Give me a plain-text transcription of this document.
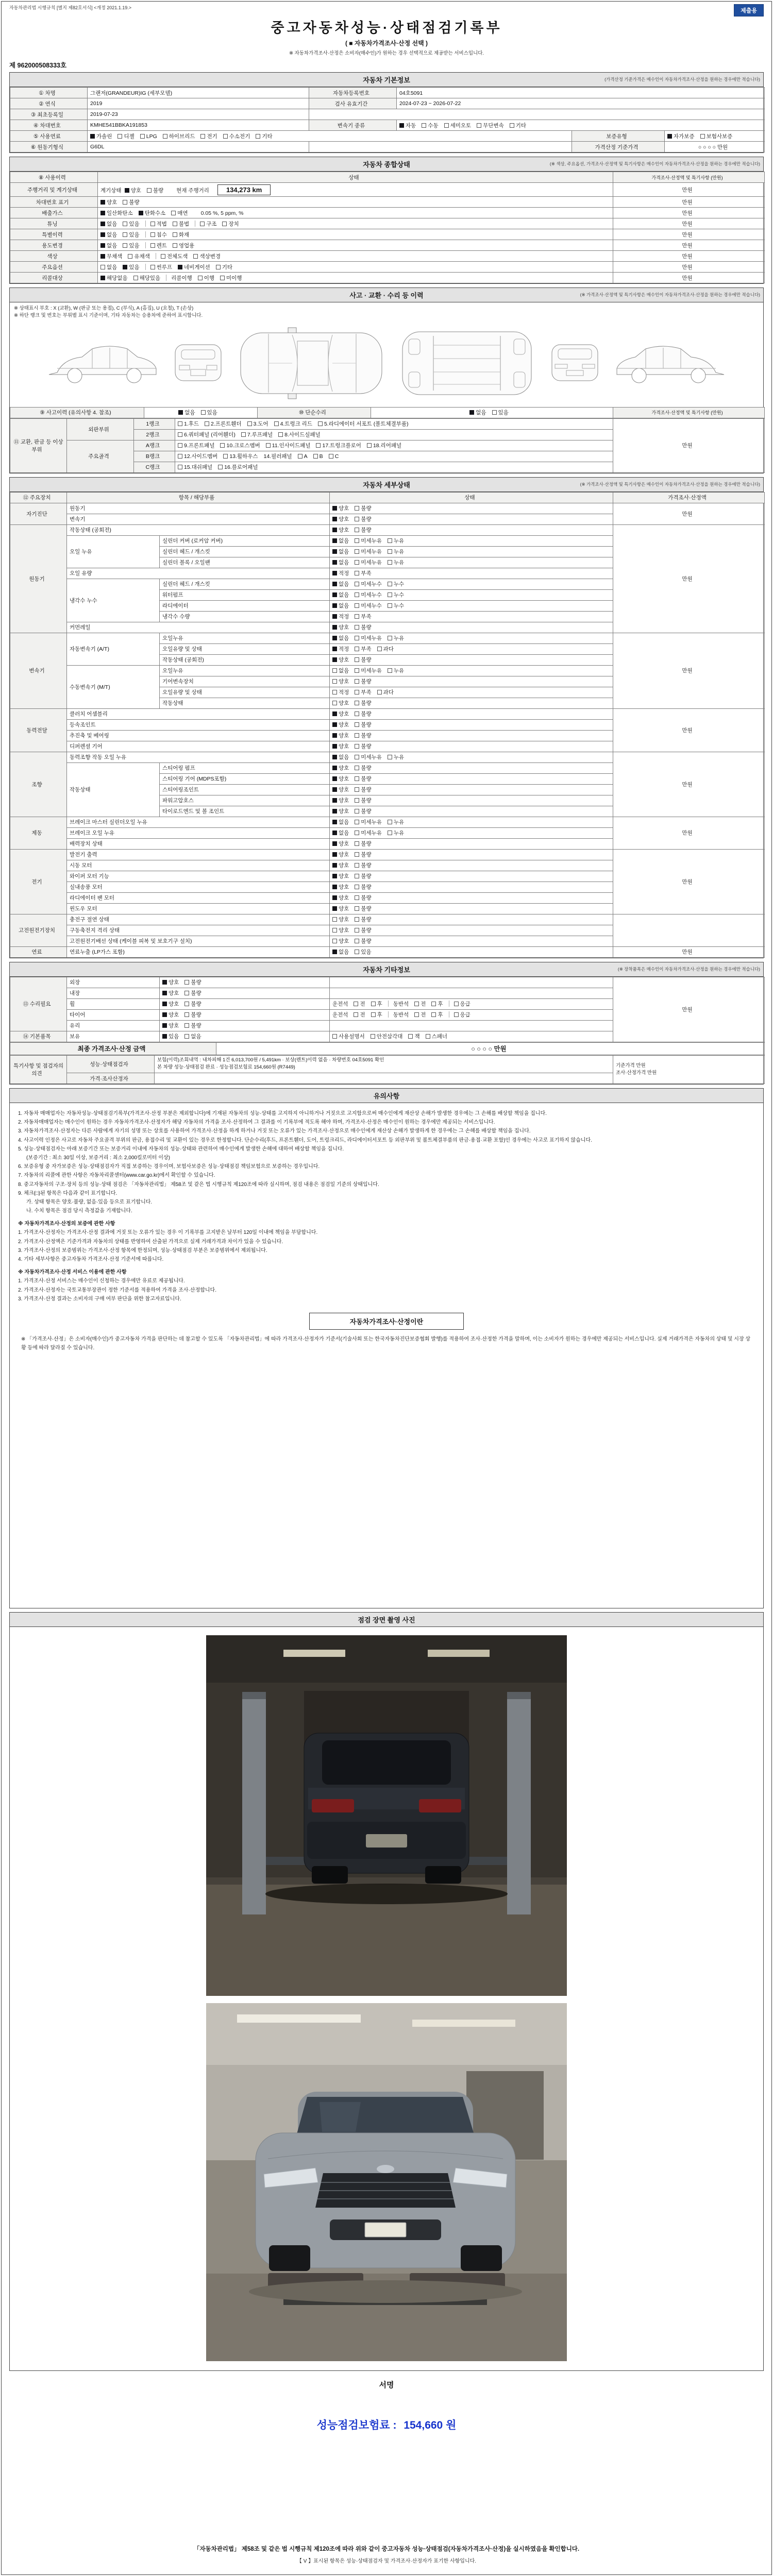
자동차관리법 시행규칙 [별지 제82호서식] <개정 2021.1.19.>	제출용
중고자동차성능·상태점검기록부
( ■ 자동차가격조사·산정 선택 )
※ 자동차가격조사·산정은 소비자(매수인)가 원하는 경우 선택적으로 제공받는 서비스입니다.
제 962000508333호
자동차 기본정보	(가격산정 기준가격은 매수인이 자동차가격조사·산정을 원하는 경우에만 적습니다)
① 차명	그랜저(GRANDEUR)IG (세부모델)	자동차등록번호	04호5091		
② 연식	2019	검사 유효기간	2024-07-23 ~ 2026-07-22		
③ 최초등록일	2019-07-23				
④ 차대번호	KMHE541BBKA191853	변속기 종류	자동 수동 세미오토 무단변속 기타		
⑤ 사용연료	가솔린 디젤 LPG 하이브리드 전기 수소전기 기타			보증유형	자가보증 보험사보증
⑥ 원동기형식	G6DL			가격산정 기준가격	○ ○ ○ ○ 만원
자동차 종합상태	(※ 색상, 주요옵션, 가격조사·산정액 및 특기사항은 매수인이 자동차가격조사·산정을 원하는 경우에만 적습니다)
⑧ 사용이력	상태	가격조사·산정액 및 특기사항 (만원)
주행거리 및 계기상태	계기상태 양호 불량 현재 주행거리 134,273 km	만원
차대번호 표기	양호 불량	만원
배출가스	일산화탄소 탄화수소 매연 0.05 %, 5 ppm, %	만원
튜닝	없음 있음 적법 불법 구조 장치	만원
특별이력	없음 있음 침수 화재	만원
용도변경	없음 있음 렌트 영업용	만원
색상	무채색 유채색 전체도색 색상변경	만원
주요옵션	없음 있음 썬루프 네비게이션 기타	만원
리콜대상	해당없음 해당있음 리콜이행 이행 미이행	만원
사고 · 교환 · 수리 등 이력	(※ 가격조사·산정액 및 특기사항은 매수인이 자동차가격조사·산정을 원하는 경우에만 적습니다)
※ 상태표시 부호 : X (교환), W (판금 또는 용접), C (부식), A (흠집), U (요철), T (손상)
※ 하단 랭크 및 번호는 부위별 표시 기준이며, 기타 자동차는 승용차에 준하여 표시합니다.
⑨ 사고이력 (유의사항 4. 참조)	없음 있음	⑩ 단순수리	없음 있음	가격조사·산정액 및 특기사항 (만원)
⑪ 교환, 판금 등 이상 부위	외판부위	1랭크	1.후드 2.프론트휀더 3.도어 4.트렁크 리드 5.라디에이터 서포트 (볼트체결부품)	만원
		2랭크	6.쿼터패널 (리어휀더) 7.루프패널 8.사이드실패널	
	주요골격	A랭크	9.프론트패널 10.크로스멤버 11.인사이드패널 17.트렁크플로어 18.리어패널	
		B랭크	12.사이드멤버 13.휠하우스 14.필러패널 A B C	
		C랭크	15.대쉬패널 16.플로어패널	
자동차 세부상태	(※ 가격조사·산정액 및 특기사항은 매수인이 자동차가격조사·산정을 원하는 경우에만 적습니다)
⑫ 주요장치	항목 / 해당부품		상태	가격조사·산정액
자기진단	원동기		양호 불량	만원
	변속기		양호 불량	
원동기	작동상태 (공회전)		양호 불량	만원
	오일 누유	실린더 커버 (로커암 커버)	없음 미세누유 누유	
		실린더 헤드 / 개스킷	없음 미세누유 누유	
		실린더 블록 / 오일팬	없음 미세누유 누유	
	오일 유량		적정 부족	
	냉각수 누수	실린더 헤드 / 개스킷	없음 미세누수 누수	
		워터펌프	없음 미세누수 누수	
		라디에이터	없음 미세누수 누수	
		냉각수 수량	적정 부족	
	커먼레일		양호 불량	
변속기	자동변속기 (A/T)	오일누유	없음 미세누유 누유	만원
		오일유량 및 상태	적정 부족 과다	
		작동상태 (공회전)	양호 불량	
	수동변속기 (M/T)	오일누유	없음 미세누유 누유	
		기어변속장치	양호 불량	
		오일유량 및 상태	적정 부족 과다	
		작동상태	양호 불량	
동력전달	클러치 어셈블리		양호 불량	만원
	등속조인트		양호 불량	
	추진축 및 베어링		양호 불량	
	디퍼렌셜 기어		양호 불량	
조향	동력조향 작동 오일 누유		없음 미세누유 누유	만원
	작동상태	스티어링 펌프	양호 불량	
		스티어링 기어 (MDPS포함)	양호 불량	
		스티어링조인트	양호 불량	
		파워고압호스	양호 불량	
		타이로드엔드 및 볼 조인트	양호 불량	
제동	브레이크 마스터 실린더오일 누유		없음 미세누유 누유	만원
	브레이크 오일 누유		없음 미세누유 누유	
	배력장치 상태		양호 불량	
전기	발전기 출력		양호 불량	만원
	시동 모터		양호 불량	
	와이퍼 모터 기능		양호 불량	
	실내송풍 모터		양호 불량	
	라디에이터 팬 모터		양호 불량	
	윈도우 모터		양호 불량	
고전원전기장치	충전구 절연 상태		양호 불량	
	구동축전지 격리 상태		양호 불량	
	고전원전기배선 상태 (케이블 피복 및 보호기구 설치)		양호 불량	
연료	연료누출 (LP가스 포함)		없음 있음	만원
자동차 기타정보	(※ 장착품목은 매수인이 자동차가격조사·산정을 원하는 경우에만 적습니다)
⑬ 수리필요	외장	양호 불량		만원
	내장	양호 불량		
	휠	양호 불량	운전석 전 후 동반석 전 후 응급	
	타이어	양호 불량	운전석 전 후 동반석 전 후 응급	
	유리	양호 불량		
⑭ 기본품목	보유	있음 없음	사용설명서 안전삼각대 잭 스패너	
최종 가격조사·산정 금액	○ ○ ○ ○ 만원
특기사항 및 점검자의 의견	성능·상태점검자	
보험(이력)조회내역 : 내차피해 1건 6,013,700원 / 5,491km · 보상(렌트)이력 없음 · 차량번호 04호5091 확인
본 차량 성능·상태점검 완료 · 성능점검보험료 154,660원 (R7449)	기준가격 만원
조사·산정가격 만원

	가격·조사산정자		
유의사항
1. 자동차 매매업자는 자동차성능·상태점검기록부(가격조사·산정 부분은 제외합니다)에 기재된 자동차의 성능·상태를 고지하지 아니하거나 거짓으로 고지함으로써 매수인에게 재산상 손해가 발생한 경우에는 그 손해를 배상할 책임을 집니다.
2. 자동차매매업자는 매수인이 원하는 경우 자동차가격조사·산정자가 해당 자동차의 가격을 조사·산정하여 그 결과를 이 기록부에 적도록 해야 하며, 가격조사·산정은 매수인이 원하는 경우에만 제공되는 서비스입니다.
3. 자동차가격조사·산정자는 다른 사람에게 자기의 성명 또는 상호를 사용하여 가격조사·산정을 하게 하거나 거짓 또는 오류가 있는 가격조사·산정으로 매수인에게 재산상 손해가 발생하게 한 경우에는 그 손해를 배상할 책임을 집니다.
4. 사고이력 인정은 사고로 자동차 주요골격 부위의 판금, 용접수리 및 교환이 있는 경우로 한정합니다. 단순수리(후드, 프론트휀더, 도어, 트렁크리드, 라디에이터서포트 등 외판부위 및 볼트체결부품의 판금·용접·교환 포함)인 경우에는 사고로 표기하지 않습니다.
5. 성능·상태점검자는 아래 보증기간 또는 보증거리 이내에 자동차의 성능·상태와 관련하여 매수인에게 발생한 손해에 대하여 배상할 책임을 집니다.
(보증기간 : 최소 30일 이상, 보증거리 : 최소 2,000킬로미터 이상)
6. 보증유형 중 자가보증은 성능·상태점검자가 직접 보증하는 경우이며, 보험사보증은 성능·상태점검 책임보험으로 보증하는 경우입니다.
7. 자동차의 리콜에 관한 사항은 자동차리콜센터(www.car.go.kr)에서 확인할 수 있습니다.
8. 중고자동차의 구조·장치 등의 성능·상태 점검은 「자동차관리법」 제58조 및 같은 법 시행규칙 제120조에 따라 실시하며, 점검 내용은 점검일 기준의 상태입니다.
9. 체크(□)된 항목은 다음과 같이 표기합니다.
가. 상태 항목은 양호·불량, 없음·있음 등으로 표기합니다.
나. 수치 항목은 점검 당시 측정값을 기재합니다.
※ 자동차가격조사·산정의 보증에 관한 사항
1. 가격조사·산정자는 가격조사·산정 결과에 거짓 또는 오류가 있는 경우 이 기록부를 고지받은 날부터 120일 이내에 책임을 부담합니다.
2. 가격조사·산정액은 기준가격과 자동차의 상태를 반영하여 산출된 가격으로 실제 거래가격과 차이가 있을 수 있습니다.
3. 가격조사·산정의 보증범위는 가격조사·산정 항목에 한정되며, 성능·상태점검 부분은 보증범위에서 제외됩니다.
4. 기타 세부사항은 중고자동차 가격조사·산정 기준서에 따릅니다.
※ 자동차가격조사·산정 서비스 이용에 관한 사항
1. 가격조사·산정 서비스는 매수인이 신청하는 경우에만 유료로 제공됩니다.
2. 가격조사·산정자는 국토교통부장관이 정한 기준서를 적용하여 가격을 조사·산정합니다.
3. 가격조사·산정 결과는 소비자의 구매 여부 판단을 위한 참고자료입니다.
자동차가격조사·산정이란
※ 「가격조사·산정」은 소비자(매수인)가 중고자동차 가격을 판단하는 데 참고할 수 있도록 「자동차관리법」에 따라 가격조사·산정자가 기준서(기술사회 또는 한국자동차진단보증협회 발행)를 적용하여 조사·산정한 가격을 말하며, 이는 소비자가 원하는 경우에만 제공되는 서비스입니다. 실제 거래가격은 자동차의 상태 및 시장 상황 등에 따라 달라질 수 있습니다.
점검 장면 촬영 사진
서명
성능점검보험료 : 154,660 원
「자동차관리법」 제58조 및 같은 법 시행규칙 제120조에 따라 위와 같이 중고자동차 성능·상태점검(자동차가격조사·산정)을 실시하였음을 확인합니다.
【 V 】표시된 항목은 성능·상태점검자 및 가격조사·산정자가 표기한 사항입니다.
